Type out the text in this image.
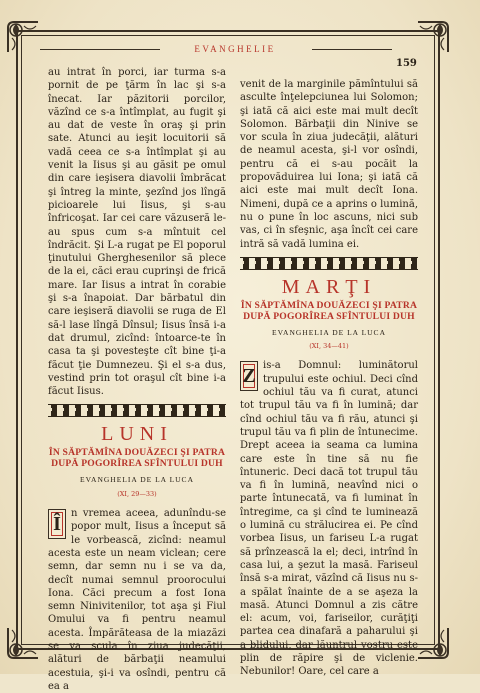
EVANGHELIE
159

au intrat în porci, iar turma s-a pornit de pe ţărm în lac şi s-a înecat. Iar păzitorii porcilor, văzînd ce s-a întîmplat, au fugit şi au dat de veste în oraş şi prin sate. Atunci au ieşit locuitorii să vadă ceea ce s-a întîmplat şi au venit la Iisus şi au găsit pe omul din care ieşisera diavolii îmbrăcat şi întreg la minte, şezînd jos lîngă picioarele lui Iisus, şi s-au înfricoşat. Iar cei care văzuseră le-au spus cum s-a mîntuit cel îndrăcit. Şi L-a rugat pe El poporul ţinutului Gherghesenilor să plece de la ei, căci erau cuprinşi de frică mare. Iar Iisus a intrat în corabie şi s-a înapoiat. Dar bărbatul din care ieşiseră diavolii se ruga de El să-l lase lîngă Dînsul; Iisus însă i-a dat drumul, zicînd: întoarce-te în casa ta şi povesteşte cît bine ţi-a făcut ţie Dumnezeu. Şi el s-a dus, vestind prin tot oraşul cît bine i-a făcut Iisus.

LUNI
ÎN SĂPTĂMÎNA DOUĂZECI ŞI PATRA DUPĂ POGORÎREA SFÎNTULUI DUH
EVANGHELIA DE LA LUCA
(XI, 29—33)

Î	n vremea aceea, adunîndu-se popor mult, Iisus a început să le vorbească, zicînd: neamul acesta este un neam viclean; cere semn, dar semn nu i se va da, decît numai semnul proorocului Iona. Căci precum a fost Iona semn Ninivitenilor, tot aşa şi Fiul Omului va fi pentru neamul acesta. Împărăteasa de la miazăzi se va scula în ziua judecăţii, alături de bărbaţii neamului acestuia, şi-i va osîndi, pentru că ea a

venit de la marginile pămîntului să asculte înţelepciunea lui Solomon; şi iată că aici este mai mult decît Solomon. Bărbaţii din Ninive se vor scula în ziua judecăţii, alături de neamul acesta, şi-l vor osîndi, pentru că ei s-au pocăit la propovăduirea lui Iona; şi iată că aici este mai mult decît Iona. Nimeni, după ce a aprins o lumină, nu o pune în loc ascuns, nici sub vas, ci în sfeşnic, aşa încît cei care intră să vadă lumina ei.

MARŢI
ÎN SĂPTĂMÎNA DOUĂZECI ŞI PATRA DUPĂ POGORÎREA SFÎNTULUI DUH
EVANGHELIA DE LA LUCA
(XI, 34—41)

Z is-a Domnul: luminătorul trupului este ochiul. Deci cînd ochiul tău va fi curat, atunci tot trupul tău va fi în lumină; dar cînd ochiul tău va fi rău, atunci şi trupul tău va fi plin de întunecime. Drept aceea ia seama ca lumina care este în tine să nu fie întuneric. Deci dacă tot trupul tău va fi în lumină, neavînd nici o parte întunecată, va fi luminat în întregime, ca şi cînd te luminează o lumină cu strălucirea ei. Pe cînd vorbea Iisus, un fariseu L-a rugat să prînzească la el; deci, intrînd în casa lui, a şezut la masă. Fariseul însă s-a mirat, văzînd că Iisus nu s-a spălat înainte de a se aşeza la masă. Atunci Domnul a zis către el: acum, voi, fariseilor, curăţiţi partea cea dinafară a paharului şi a blidului, dar lăuntrul vostru este plin de răpire şi de viclenie. Nebunilor! Oare, cel care a
